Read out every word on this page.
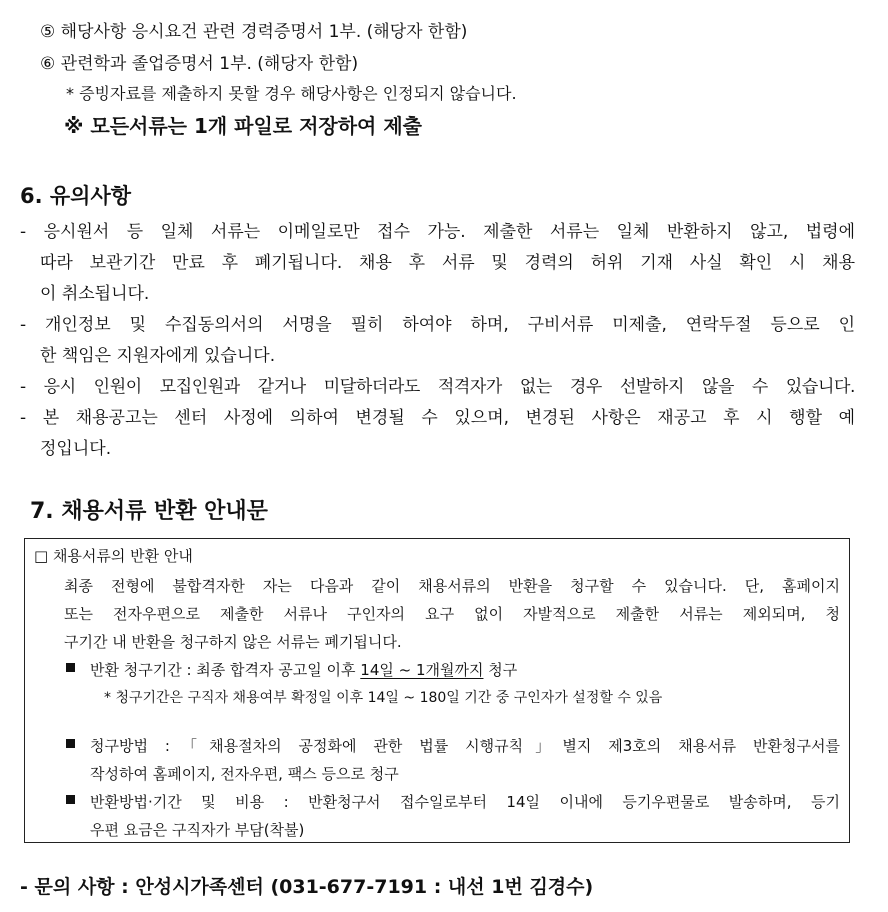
⑤ 해당사항 응시요건 관련 경력증명서 1부. (해당자 한함)
⑥ 관련학과 졸업증명서 1부. (해당자 한함)
* 증빙자료를 제출하지 못할 경우 해당사항은 인정되지 않습니다.
※ 모든서류는 1개 파일로 저장하여 제출
6. 유의사항
- 응시원서 등 일체 서류는 이메일로만 접수 가능. 제출한 서류는 일체 반환하지 않고, 법령에
따라 보관기간 만료 후 폐기됩니다. 채용 후 서류 및 경력의 허위 기재 사실 확인 시 채용
이 취소됩니다.
- 개인정보 및 수집동의서의 서명을 필히 하여야 하며, 구비서류 미제출, 연락두절 등으로 인
한 책임은 지원자에게 있습니다.
- 응시 인원이 모집인원과 같거나 미달하더라도 적격자가 없는 경우 선발하지 않을 수 있습니다.
- 본 채용공고는 센터 사정에 의하여 변경될 수 있으며, 변경된 사항은 재공고 후 시 행할 예
정입니다.
7. 채용서류 반환 안내문
□ 채용서류의 반환 안내
최종 전형에 불합격자한 자는 다음과 같이 채용서류의 반환을 청구할 수 있습니다. 단, 홈페이지
또는 전자우편으로 제출한 서류나 구인자의 요구 없이 자발적으로 제출한 서류는 제외되며, 청
구기간 내 반환을 청구하지 않은 서류는 폐기됩니다.
반환 청구기간 : 최종 합격자 공고일 이후 14일 ~ 1개월까지 청구
* 청구기간은 구직자 채용여부 확정일 이후 14일 ~ 180일 기간 중 구인자가 설정할 수 있음
청구방법 :「채용절차의 공정화에 관한 법률 시행규칙」별지 제3호의 채용서류 반환청구서를
작성하여 홈페이지, 전자우편, 팩스 등으로 청구
반환방법·기간 및 비용 : 반환청구서 접수일로부터 14일 이내에 등기우편물로 발송하며, 등기
우편 요금은 구직자가 부담(착불)
- 문의 사항 : 안성시가족센터 (031-677-7191 : 내선 1번 김경수)
